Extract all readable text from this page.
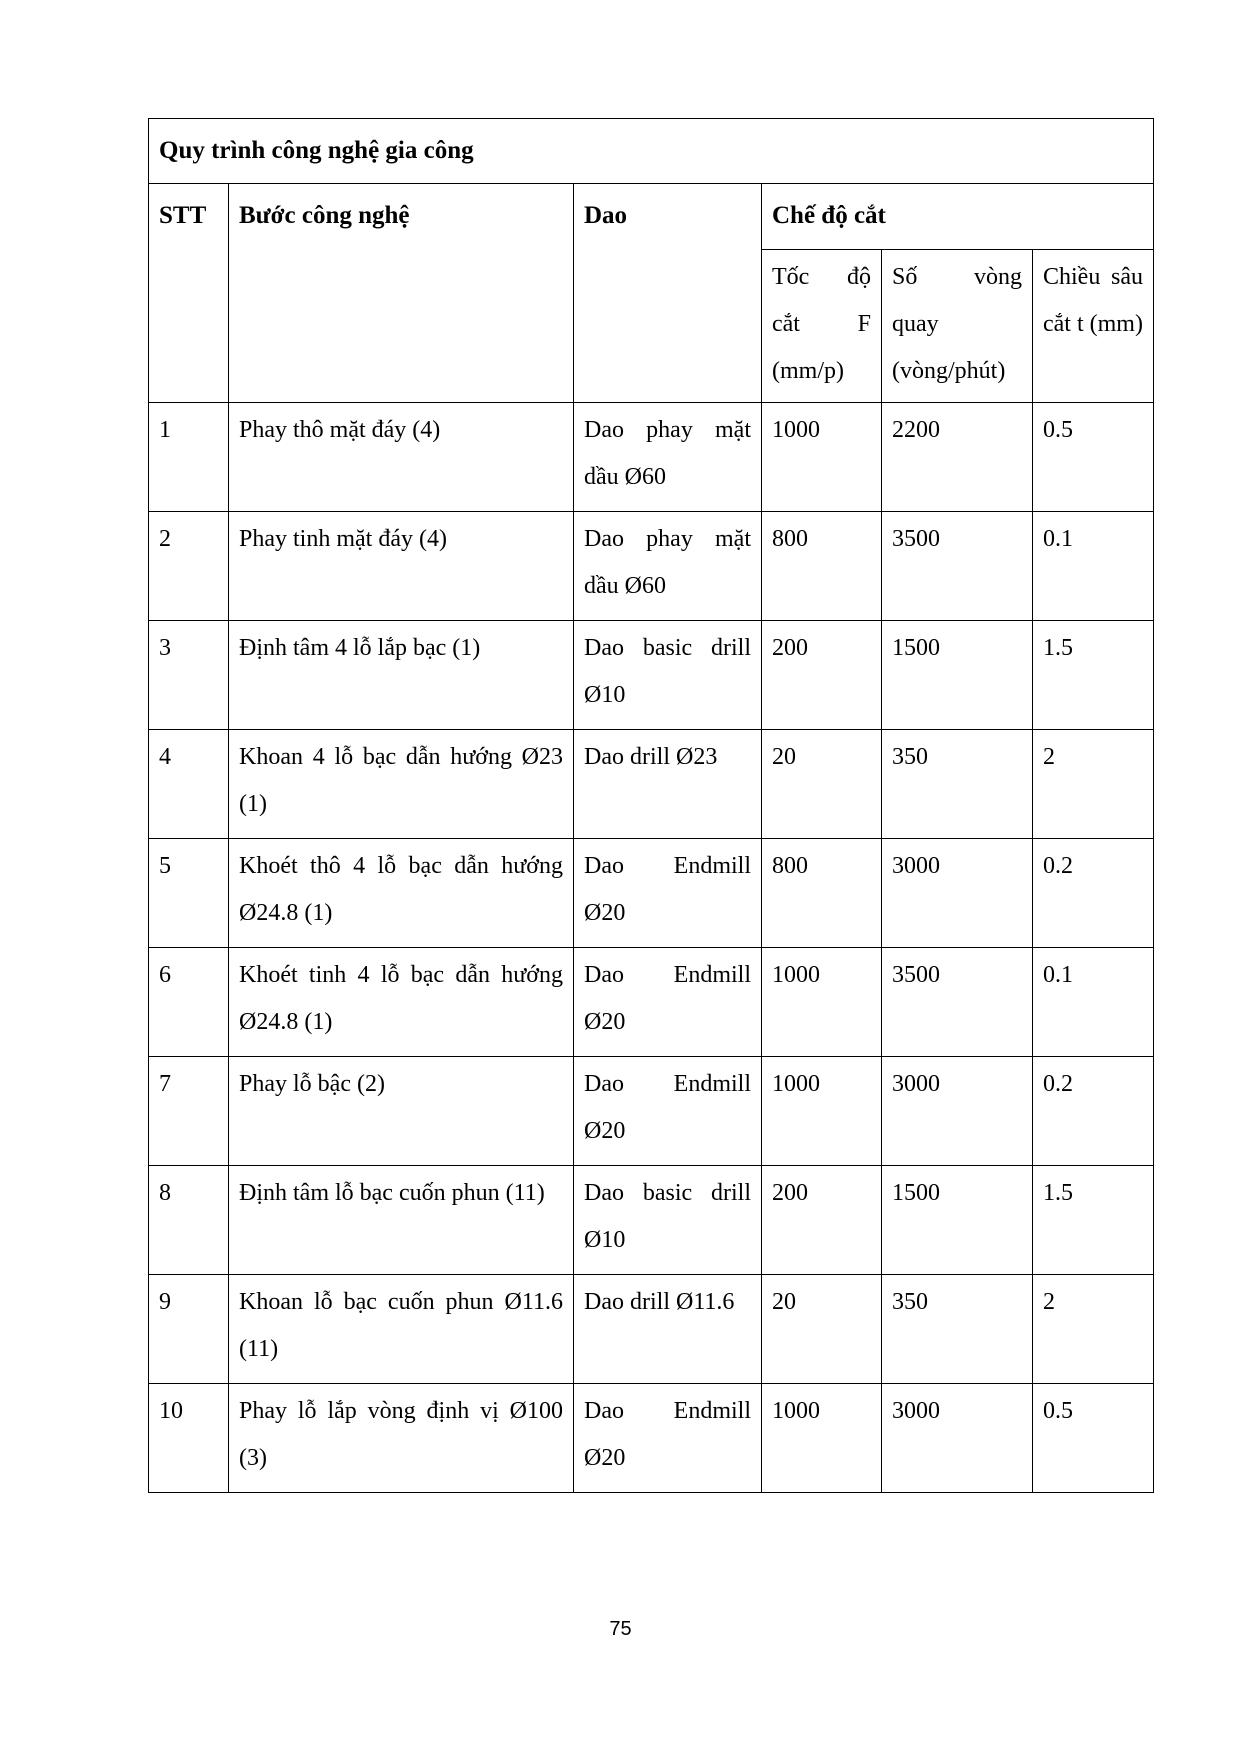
Quy trình công nghệ gia công					
STT	Bước công nghệ	Dao	Chế độ cắt		
			Tốc độ cắt F (mm/p)	Số vòng quay (vòng/phút)	Chiều sâu cắt t (mm)
1	Phay thô mặt đáy (4)	Dao phay mặt dầu Ø60	1000	2200	0.5
2	Phay tinh mặt đáy (4)	Dao phay mặt dầu Ø60	800	3500	0.1
3	Định tâm 4 lỗ lắp bạc (1)	Dao basic drill Ø10	200	1500	1.5
4	Khoan 4 lỗ bạc dẫn hướng Ø23 (1)	Dao drill Ø23	20	350	2
5	Khoét thô 4 lỗ bạc dẫn hướng Ø24.8 (1)	Dao Endmill Ø20	800	3000	0.2
6	Khoét tinh 4 lỗ bạc dẫn hướng Ø24.8 (1)	Dao Endmill Ø20	1000	3500	0.1
7	Phay lỗ bậc (2)	Dao Endmill Ø20	1000	3000	0.2
8	Định tâm lỗ bạc cuốn phun (11)	Dao basic drill Ø10	200	1500	1.5
9	Khoan lỗ bạc cuốn phun Ø11.6 (11)	Dao drill Ø11.6	20	350	2
10	Phay lỗ lắp vòng định vị Ø100 (3)	Dao Endmill Ø20	1000	3000	0.5
75
